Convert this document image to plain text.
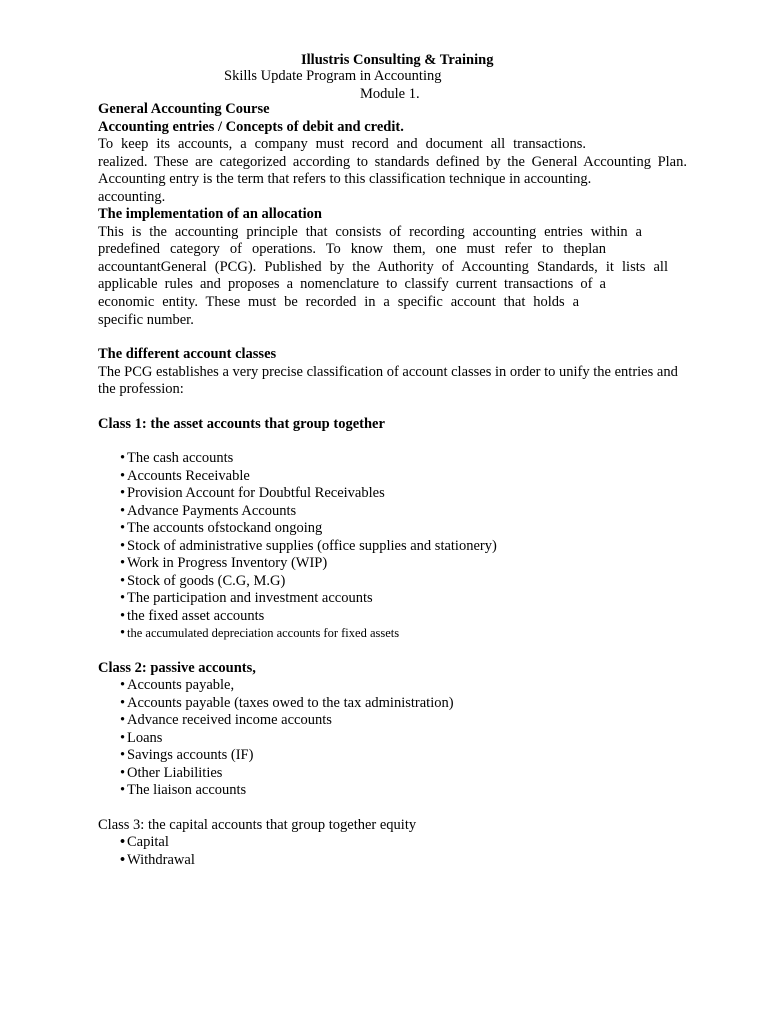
Illustris Consulting & Training
Skills Update Program in Accounting
Module 1.
General Accounting Course
Accounting entries / Concepts of debit and credit.
To keep its accounts, a company must record and document all transactions.
realized. These are categorized according to standards defined by the General Accounting Plan.
Accounting entry is the term that refers to this classification technique in accounting.
accounting.
The implementation of an allocation
This is the accounting principle that consists of recording accounting entries within a
predefined category of operations. To know them, one must refer to theplan
accountantGeneral (PCG). Published by the Authority of Accounting Standards, it lists all
applicable rules and proposes a nomenclature to classify current transactions of a
economic entity. These must be recorded in a specific account that holds a
specific number.
The different account classes
The PCG establishes a very precise classification of account classes in order to unify the entries and
the profession:
Class 1: the asset accounts that group together
• The cash accounts
• Accounts Receivable
• Provision Account for Doubtful Receivables
• Advance Payments Accounts
• The accounts ofstockand ongoing
• Stock of administrative supplies (office supplies and stationery)
• Work in Progress Inventory (WIP)
• Stock of goods (C.G, M.G)
• The participation and investment accounts
• the fixed asset accounts
• the accumulated depreciation accounts for fixed assets
Class 2: passive accounts,
• Accounts payable,
• Accounts payable (taxes owed to the tax administration)
• Advance received income accounts
• Loans
• Savings accounts (IF)
• Other Liabilities
• The liaison accounts
Class 3: the capital accounts that group together equity
• Capital
• Withdrawal
